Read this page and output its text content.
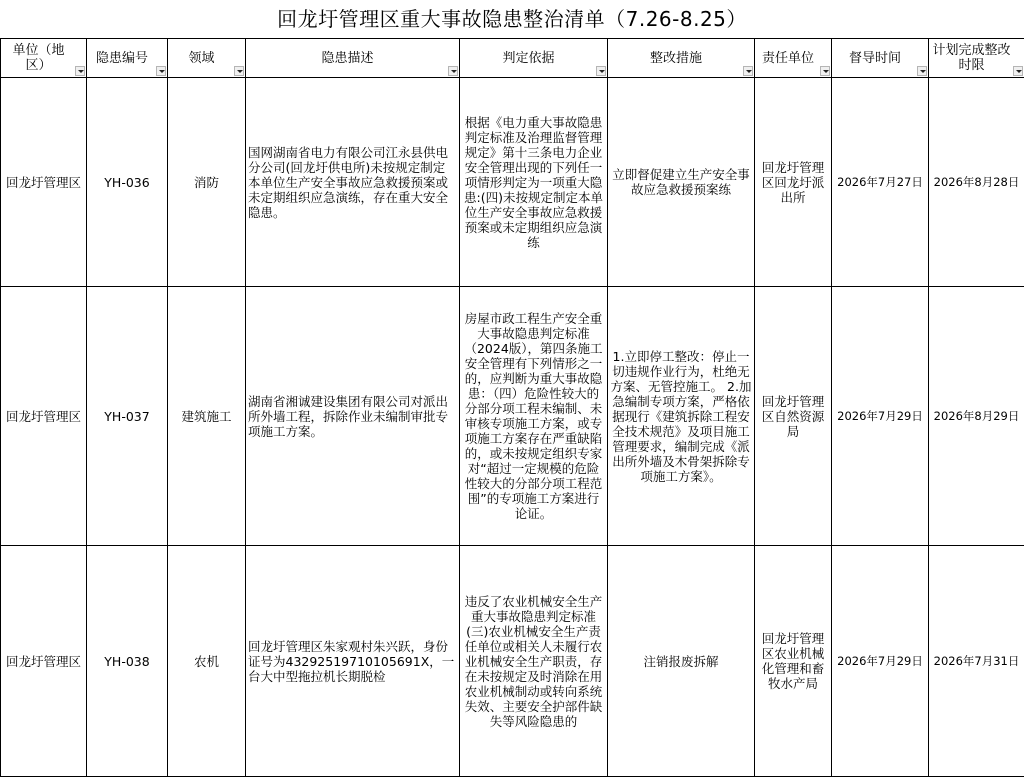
回龙圩管理区重大事故隐患整治清单（7.26-8.25）
单位（地区）	隐患编号	领域	隐患描述	判定依据	整改措施	责任单位	督导时间	计划完成整改时限

回龙圩管理区	YH-036	消防	国网湖南省电力有限公司江永县供电分公司(回龙圩供电所)未按规定制定本单位生产安全事故应急救援预案或未定期组织应急演练，存在重大安全隐患。	根据《电力重大事故隐患判定标准及治理监督管理规定》第十三条电力企业安全管理出现的下列任一项情形判定为一项重大隐患:(四)未按规定制定本单位生产安全事故应急救援预案或未定期组织应急演练	立即督促建立生产安全事故应急救援预案练	回龙圩管理区回龙圩派出所	2026年7月27日	2026年8月28日
回龙圩管理区	YH-037	建筑施工	湖南省湘诚建设集团有限公司对派出所外墙工程，拆除作业未编制审批专项施工方案。	房屋市政工程生产安全重大事故隐患判定标准（2024版），第四条施工安全管理有下列情形之一的，应判断为重大事故隐患：（四）危险性较大的分部分项工程未编制、未审核专项施工方案，或专项施工方案存在严重缺陷的，或未按规定组织专家对“超过一定规模的危险性较大的分部分项工程范围”的专项施工方案进行论证。	1.立即停工整改：停止一切违规作业行为，杜绝无方案、无管控施工。 2.加急编制专项方案，严格依据现行《建筑拆除工程安全技术规范》及项目施工管理要求，编制完成《派出所外墙及木骨架拆除专项施工方案》。	回龙圩管理区自然资源局	2026年7月29日	2026年8月29日
回龙圩管理区	YH-038	农机	回龙圩管理区朱家观村朱兴跃，身份证号为43292519710105691X，一台大中型拖拉机长期脱检	违反了农业机械安全生产重大事故隐患判定标准(三)农业机械安全生产责任单位或相关人未履行农业机械安全生产职责，存在未按规定及时消除在用农业机械制动或转向系统失效、主要安全护部件缺失等风险隐患的	注销报废拆解	回龙圩管理区农业机械化管理和畜牧水产局	2026年7月29日	2026年7月31日
